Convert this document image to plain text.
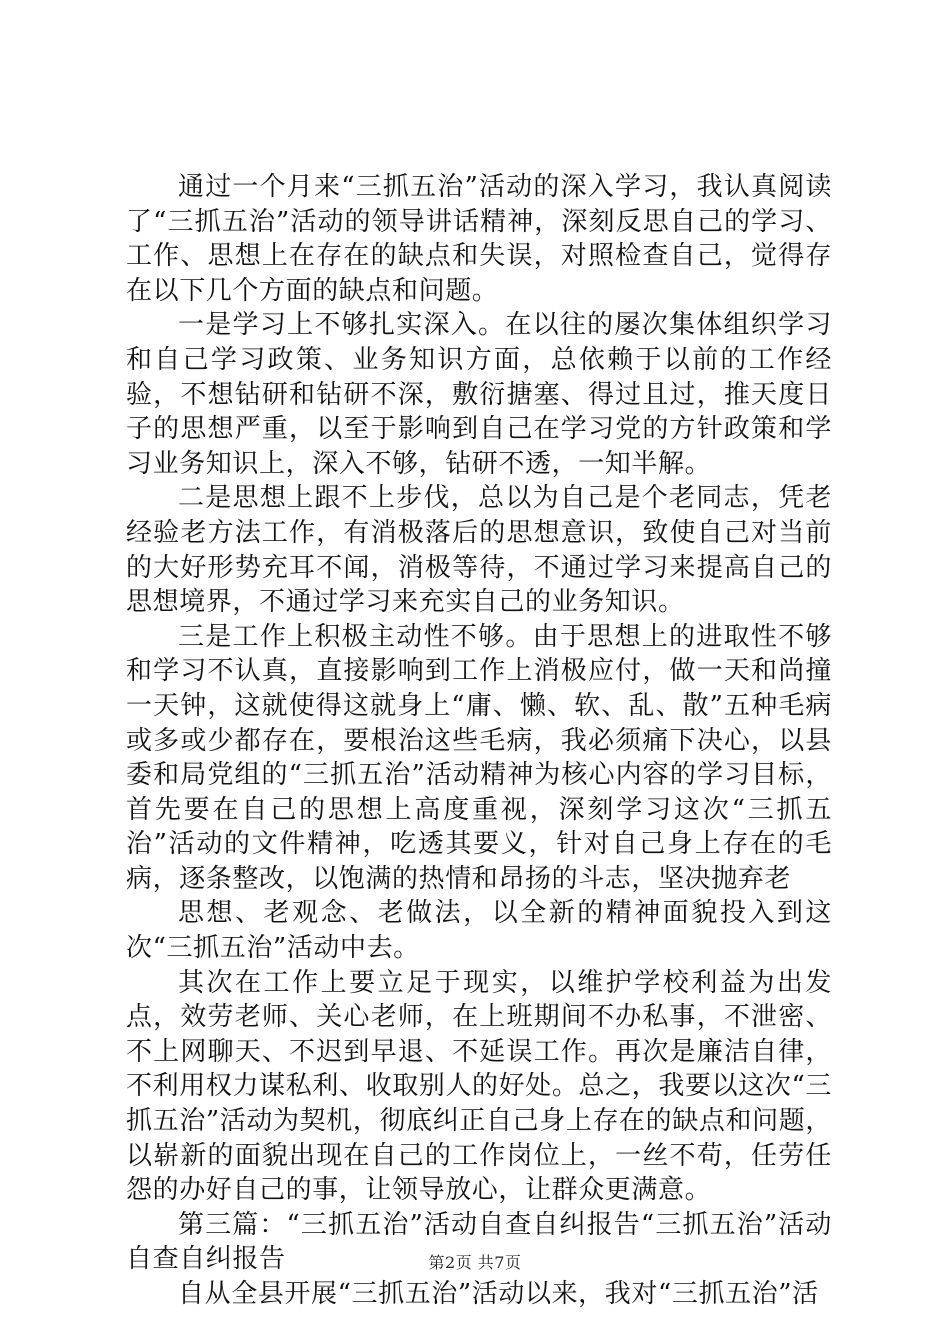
通过一个月来“三抓五治”活动的深入学习，我认真阅读了“三抓五治”活动的领导讲话精神，深刻反思自己的学习、工作、思想上在存在的缺点和失误，对照检查自己，觉得存在以下几个方面的缺点和问题。

一是学习上不够扎实深入。在以往的屡次集体组织学习和自己学习政策、业务知识方面，总依赖于以前的工作经验，不想钻研和钻研不深，敷衍搪塞、得过且过，推天度日子的思想严重，以至于影响到自己在学习党的方针政策和学习业务知识上，深入不够，钻研不透，一知半解。

二是思想上跟不上步伐，总以为自己是个老同志，凭老经验老方法工作，有消极落后的思想意识，致使自己对当前的大好形势充耳不闻，消极等待，不通过学习来提高自己的思想境界，不通过学习来充实自己的业务知识。

三是工作上积极主动性不够。由于思想上的进取性不够和学习不认真，直接影响到工作上消极应付，做一天和尚撞一天钟，这就使得这就身上“庸、懒、软、乱、散”五种毛病或多或少都存在，要根治这些毛病，我必须痛下决心，以县委和局党组的“三抓五治”活动精神为核心内容的学习目标，首先要在自己的思想上高度重视，深刻学习这次“三抓五治”活动的文件精神，吃透其要义，针对自己身上存在的毛病，逐条整改，以饱满的热情和昂扬的斗志，坚决抛弃老

思想、老观念、老做法，以全新的精神面貌投入到这次“三抓五治”活动中去。

其次在工作上要立足于现实，以维护学校利益为出发点，效劳老师、关心老师，在上班期间不办私事，不泄密、不上网聊天、不迟到早退、不延误工作。再次是廉洁自律，不利用权力谋私利、收取别人的好处。总之，我要以这次“三抓五治”活动为契机，彻底纠正自己身上存在的缺点和问题，以崭新的面貌出现在自己的工作岗位上，一丝不苟，任劳任怨的办好自己的事，让领导放心，让群众更满意。

第三篇：“三抓五治”活动自查自纠报告“三抓五治”活动自查自纠报告

自从全县开展“三抓五治”活动以来，我对“三抓五治”活

第2页 共7页
